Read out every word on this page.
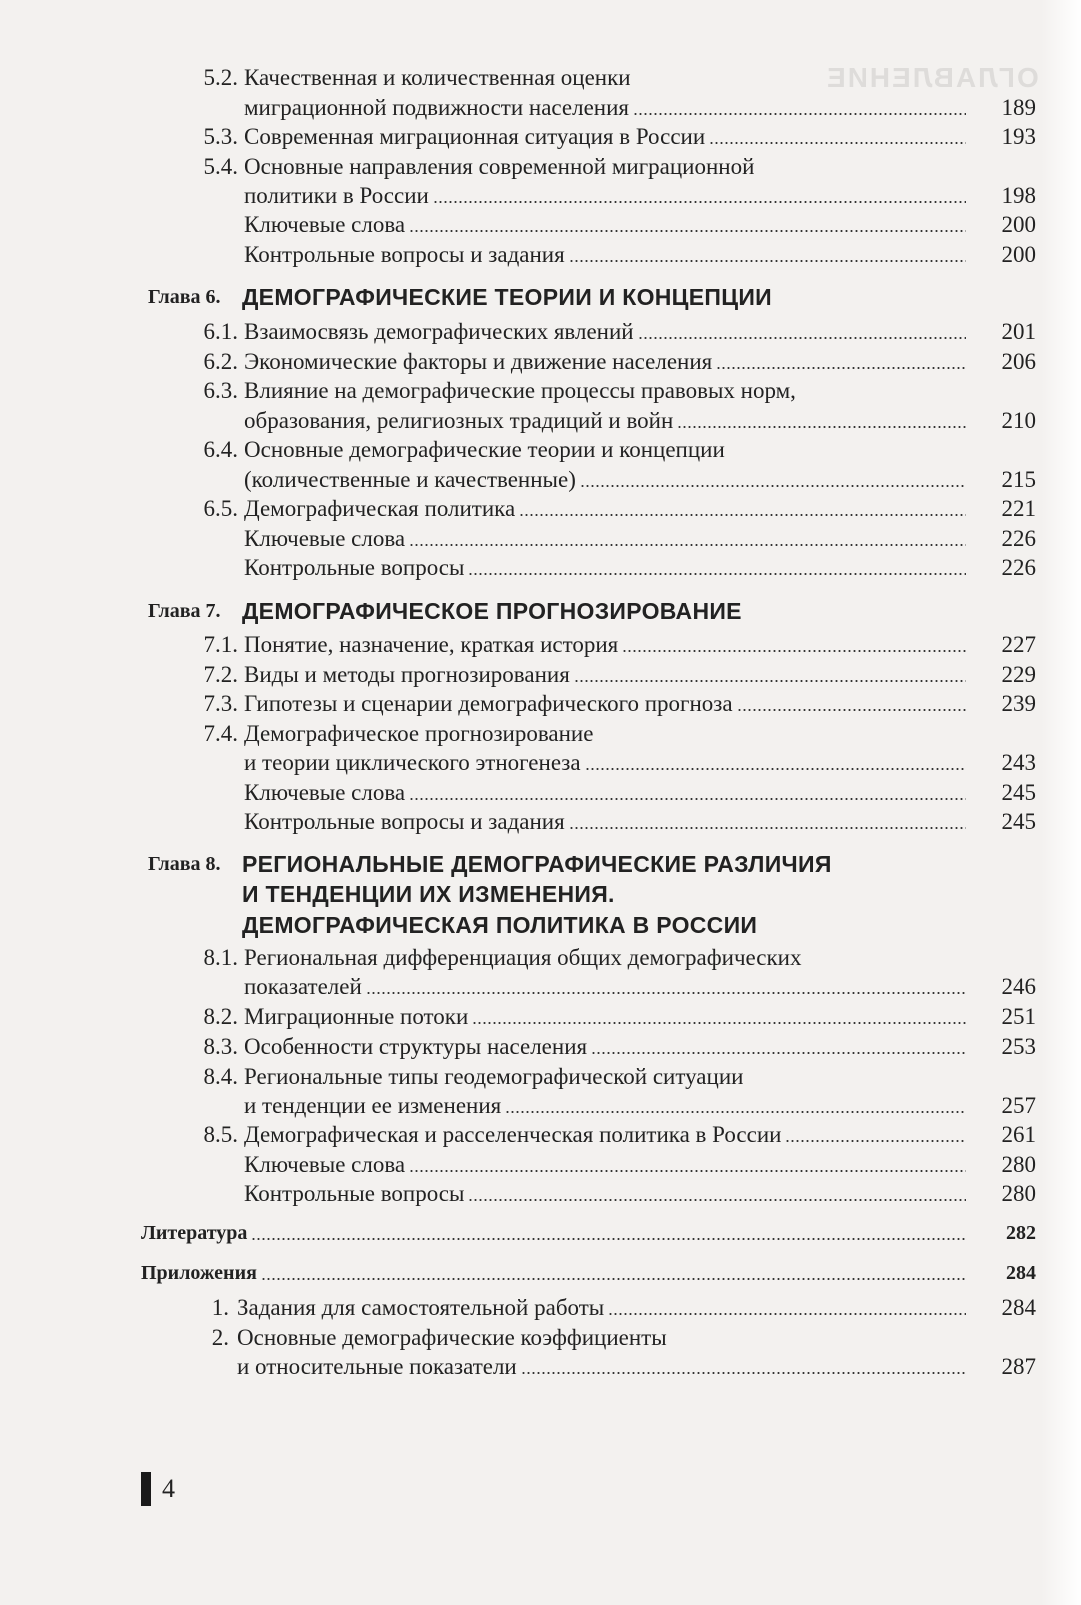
ОГЛАВЛЕНИЕ
5.2. Качественная и количественная оценки
миграционной подвижности населения	189
5.3. Современная миграционная ситуация в России	193
5.4. Основные направления современной миграционной
политики в России	198
Ключевые слова	200
Контрольные вопросы и задания	200
Глава 6. ДЕМОГРАФИЧЕСКИЕ ТЕОРИИ И КОНЦЕПЦИИ
6.1. Взаимосвязь демографических явлений	201
6.2. Экономические факторы и движение населения	206
6.3. Влияние на демографические процессы правовых норм,
образования, религиозных традиций и войн	210
6.4. Основные демографические теории и концепции
(количественные и качественные)	215
6.5. Демографическая политика	221
Ключевые слова	226
Контрольные вопросы	226
Глава 7. ДЕМОГРАФИЧЕСКОЕ ПРОГНОЗИРОВАНИЕ
7.1. Понятие, назначение, краткая история	227
7.2. Виды и методы прогнозирования	229
7.3. Гипотезы и сценарии демографического прогноза	239
7.4. Демографическое прогнозирование
и теории циклического этногенеза	243
Ключевые слова	245
Контрольные вопросы и задания	245
Глава 8. РЕГИОНАЛЬНЫЕ ДЕМОГРАФИЧЕСКИЕ РАЗЛИЧИЯ
И ТЕНДЕНЦИИ ИХ ИЗМЕНЕНИЯ.
ДЕМОГРАФИЧЕСКАЯ ПОЛИТИКА В РОССИИ
8.1. Региональная дифференциация общих демографических
показателей	246
8.2. Миграционные потоки	251
8.3. Особенности структуры населения	253
8.4. Региональные типы геодемографической ситуации
и тенденции ее изменения	257
8.5. Демографическая и расселенческая политика в России	261
Ключевые слова	280
Контрольные вопросы	280
Литература	282
Приложения	284
1. Задания для самостоятельной работы	284
2. Основные демографические коэффициенты
и относительные показатели	287
4
